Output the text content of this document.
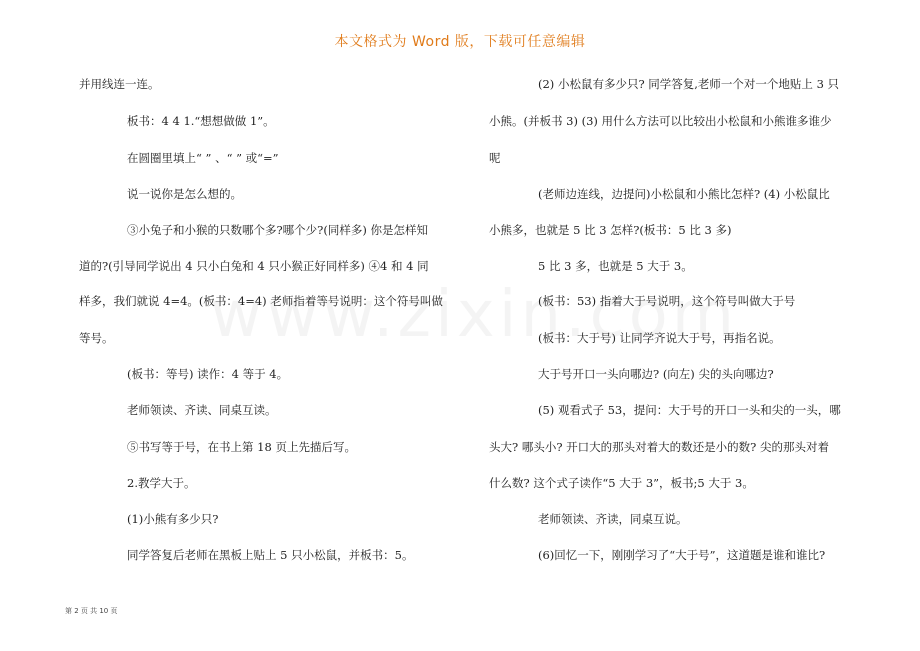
本文格式为 Word 版，下载可任意编辑

并用线连一连。

板书：4 4 1.“想想做做 1”。

在圆圈里填上“ ” 、“ ” 或“=”

说一说你是怎么想的。

③小兔子和小猴的只数哪个多?哪个少?(同样多) 你是怎样知

道的?(引导同学说出 4 只小白兔和 4 只小猴正好同样多) ④4 和 4 同

样多，我们就说 4=4。(板书：4=4) 老师指着等号说明：这个符号叫做

等号。

(板书：等号) 读作：4 等于 4。

老师领读、齐读、同桌互读。

⑤书写等于号，在书上第 18 页上先描后写。

2.教学大于。

(1)小熊有多少只?

同学答复后老师在黑板上贴上 5 只小松鼠，并板书：5。

(2) 小松鼠有多少只? 同学答复,老师一个对一个地贴上 3 只

小熊。(并板书 3) (3) 用什么方法可以比较出小松鼠和小熊谁多谁少

呢

(老师边连线，边提问)小松鼠和小熊比怎样? (4) 小松鼠比

小熊多，也就是 5 比 3 怎样?(板书：5 比 3 多)

5 比 3 多，也就是 5 大于 3。

(板书：53) 指着大于号说明，这个符号叫做大于号

(板书：大于号) 让同学齐说大于号，再指名说。

大于号开口一头向哪边? (向左) 尖的头向哪边?

(5) 观看式子 53，提问：大于号的开口一头和尖的一头，哪

头大? 哪头小? 开口大的那头对着大的数还是小的数? 尖的那头对着

什么数? 这个式子读作“5 大于 3”，板书;5 大于 3。

老师领读、齐读，同桌互说。

(6)回忆一下，刚刚学习了“大于号”，这道题是谁和谁比?

第 2 页 共 10 页
